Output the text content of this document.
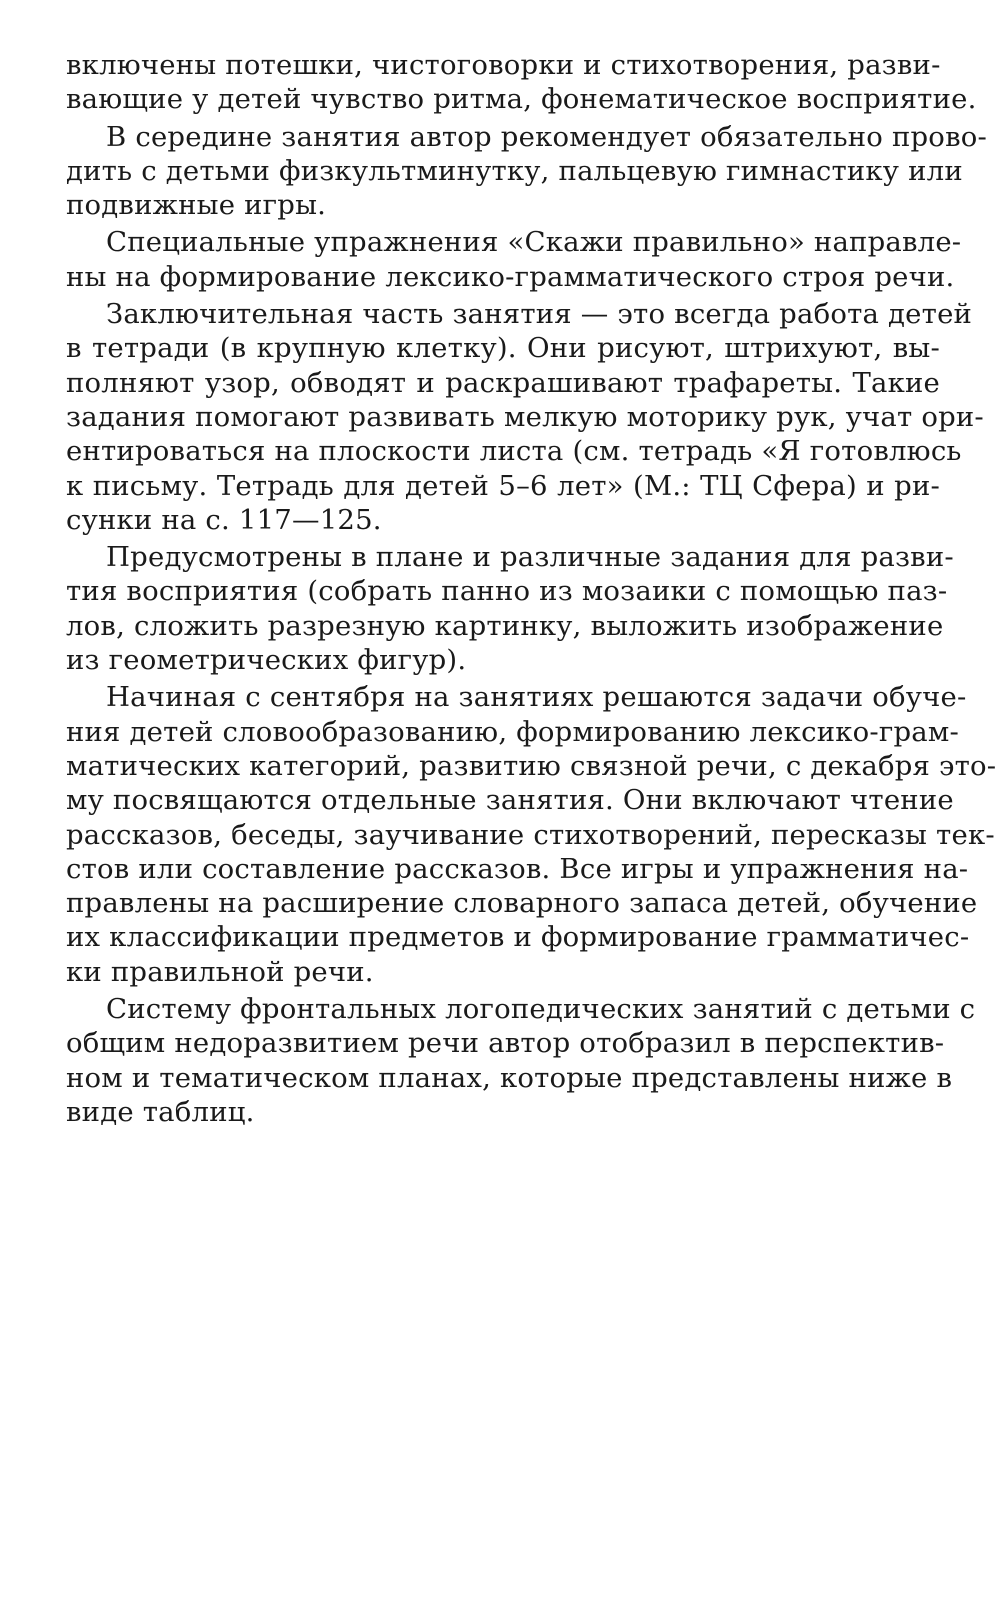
включены потешки, чистоговорки и стихотворения, разви-
вающие у детей чувство ритма, фонематическое восприятие.
В середине занятия автор рекомендует обязательно прово-
дить с детьми физкультминутку, пальцевую гимнастику или
подвижные игры.
Специальные упражнения «Скажи правильно» направле-
ны на формирование лексико-грамматического строя речи.
Заключительная часть занятия — это всегда работа детей
в тетради (в крупную клетку). Они рисуют, штрихуют, вы-
полняют узор, обводят и раскрашивают трафареты. Такие
задания помогают развивать мелкую моторику рук, учат ори-
ентироваться на плоскости листа (см. тетрадь «Я готовлюсь
к письму. Тетрадь для детей 5–6 лет» (М.: ТЦ Сфера) и ри-
сунки на с. 117—125.
Предусмотрены в плане и различные задания для разви-
тия восприятия (собрать панно из мозаики с помощью паз-
лов, сложить разрезную картинку, выложить изображение
из геометрических фигур).
Начиная с сентября на занятиях решаются задачи обуче-
ния детей словообразованию, формированию лексико-грам-
матических категорий, развитию связной речи, с декабря это-
му посвящаются отдельные занятия. Они включают чтение
рассказов, беседы, заучивание стихотворений, пересказы тек-
стов или составление рассказов. Все игры и упражнения на-
правлены на расширение словарного запаса детей, обучение
их классификации предметов и формирование грамматичес-
ки правильной речи.
Систему фронтальных логопедических занятий с детьми с
общим недоразвитием речи автор отобразил в перспектив-
ном и тематическом планах, которые представлены ниже в
виде таблиц.
